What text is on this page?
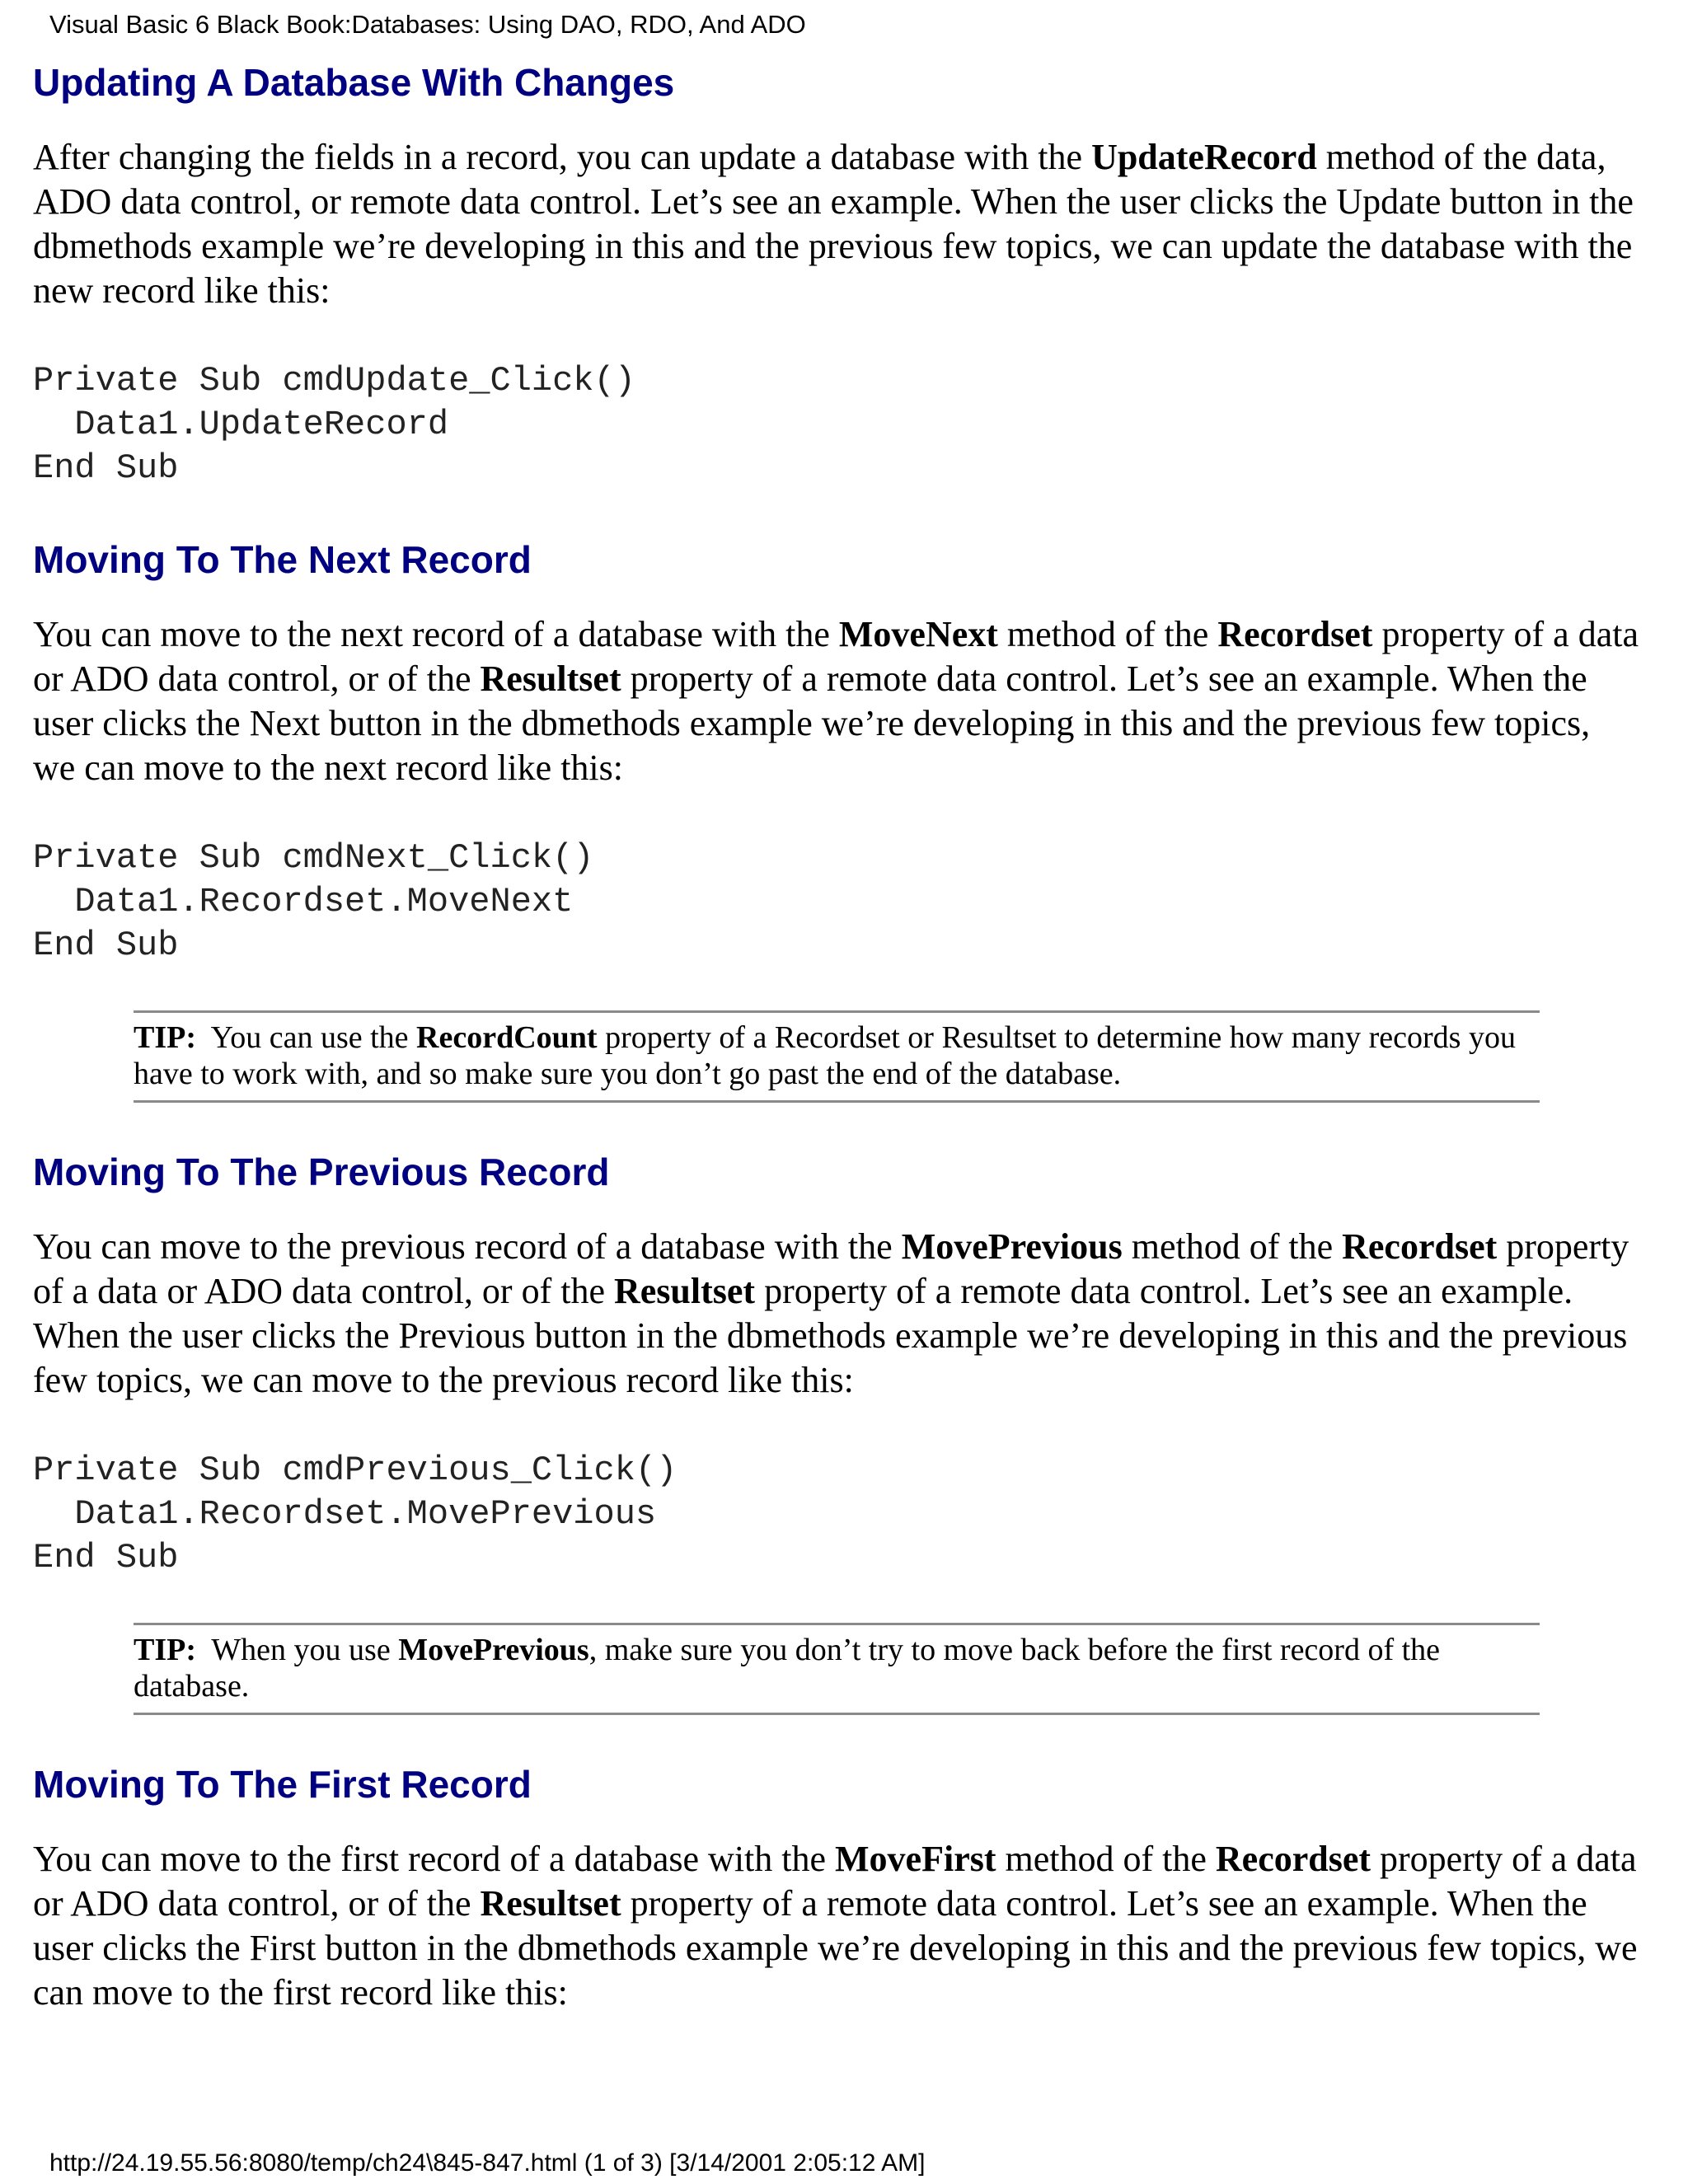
Visual Basic 6 Black Book:Databases: Using DAO, RDO, And ADO
Updating A Database With Changes

After changing the fields in a record, you can update a database with the UpdateRecord method of the data, ADO data control, or remote data control. Let’s see an example. When the user clicks the Update button in the dbmethods example we’re developing in this and the previous few topics, we can update the database with the new record like this:

Private Sub cmdUpdate_Click()
Data1.UpdateRecord
End Sub
Moving To The Next Record

You can move to the next record of a database with the MoveNext method of the Recordset property of a data or ADO data control, or of the Resultset property of a remote data control. Let’s see an example. When the user clicks the Next button in the dbmethods example we’re developing in this and the previous few topics, we can move to the next record like this:

Private Sub cmdNext_Click()
Data1.Recordset.MoveNext
End Sub
TIP:  You can use the RecordCount property of a Recordset or Resultset to determine how many records you have to work with, and so make sure you don’t go past the end of the database.
Moving To The Previous Record

You can move to the previous record of a database with the MovePrevious method of the Recordset property of a data or ADO data control, or of the Resultset property of a remote data control. Let’s see an example. When the user clicks the Previous button in the dbmethods example we’re developing in this and the previous few topics, we can move to the previous record like this:

Private Sub cmdPrevious_Click()
Data1.Recordset.MovePrevious
End Sub
TIP:  When you use MovePrevious, make sure you don’t try to move back before the first record of the database.
Moving To The First Record

You can move to the first record of a database with the MoveFirst method of the Recordset property of a data or ADO data control, or of the Resultset property of a remote data control. Let’s see an example. When the user clicks the First button in the dbmethods example we’re developing in this and the previous few topics, we can move to the first record like this:

http://24.19.55.56:8080/temp/ch24\845-847.html (1 of 3) [3/14/2001 2:05:12 AM]
